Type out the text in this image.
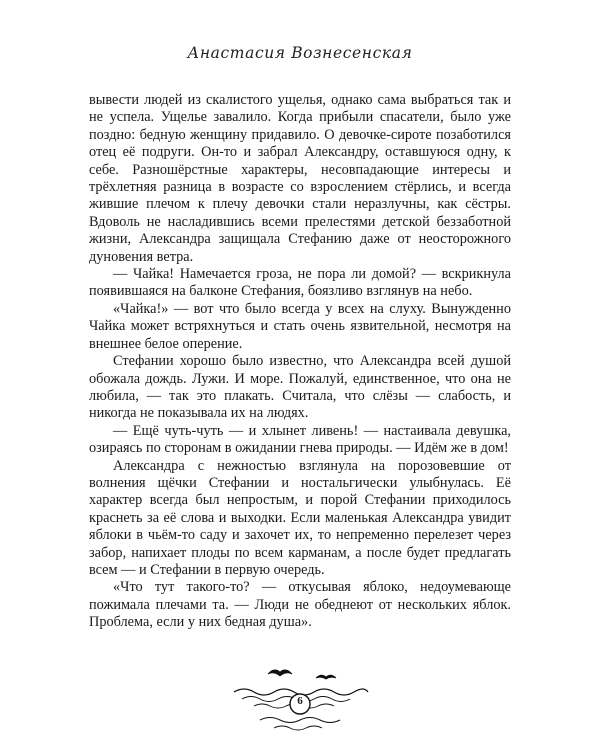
Анастасия Вознесенская

вывести людей из скалистого ущелья, однако сама выбраться так и не успела. Ущелье завалило. Когда прибыли спасатели, было уже поздно: бедную женщину придавило. О девочке-сироте позаботился отец её подруги. Он-то и забрал Александру, оставшуюся одну, к себе. Разношёрстные характеры, несовпадающие интересы и трёхлетняя разница в возрасте со взрослением стёрлись, и всегда жившие плечом к плечу девочки стали неразлучны, как сёстры. Вдоволь не насладившись всеми прелестями детской беззаботной жизни, Александра защищала Стефанию даже от неосторожного дуновения ветра.

— Чайка! Намечается гроза, не пора ли домой? — вскрикнула появившаяся на балконе Стефания, боязливо взглянув на небо.

«Чайка!» — вот что было всегда у всех на слуху. Вынужденно Чайка может встряхнуться и стать очень язвительной, несмотря на внешнее белое оперение.

Стефании хорошо было известно, что Александра всей душой обожала дождь. Лужи. И море. Пожалуй, единственное, что она не любила, — так это плакать. Считала, что слёзы — слабость, и никогда не показывала их на людях.

— Ещё чуть-чуть — и хлынет ливень! — настаивала девушка, озираясь по сторонам в ожидании гнева природы. — Идём же в дом!

Александра с нежностью взглянула на порозовевшие от волнения щёчки Стефании и ностальгически улыбнулась. Её характер всегда был непростым, и порой Стефании приходилось краснеть за её слова и выходки. Если маленькая Александра увидит яблоки в чьём-то саду и захочет их, то непременно перелезет через забор, напихает плоды по всем карманам, а после будет предлагать всем — и Стефании в первую очередь.

«Что тут такого-то? — откусывая яблоко, недоумевающе пожимала плечами та. — Люди не обеднеют от нескольких яблок. Проблема, если у них бедная душа».

6
